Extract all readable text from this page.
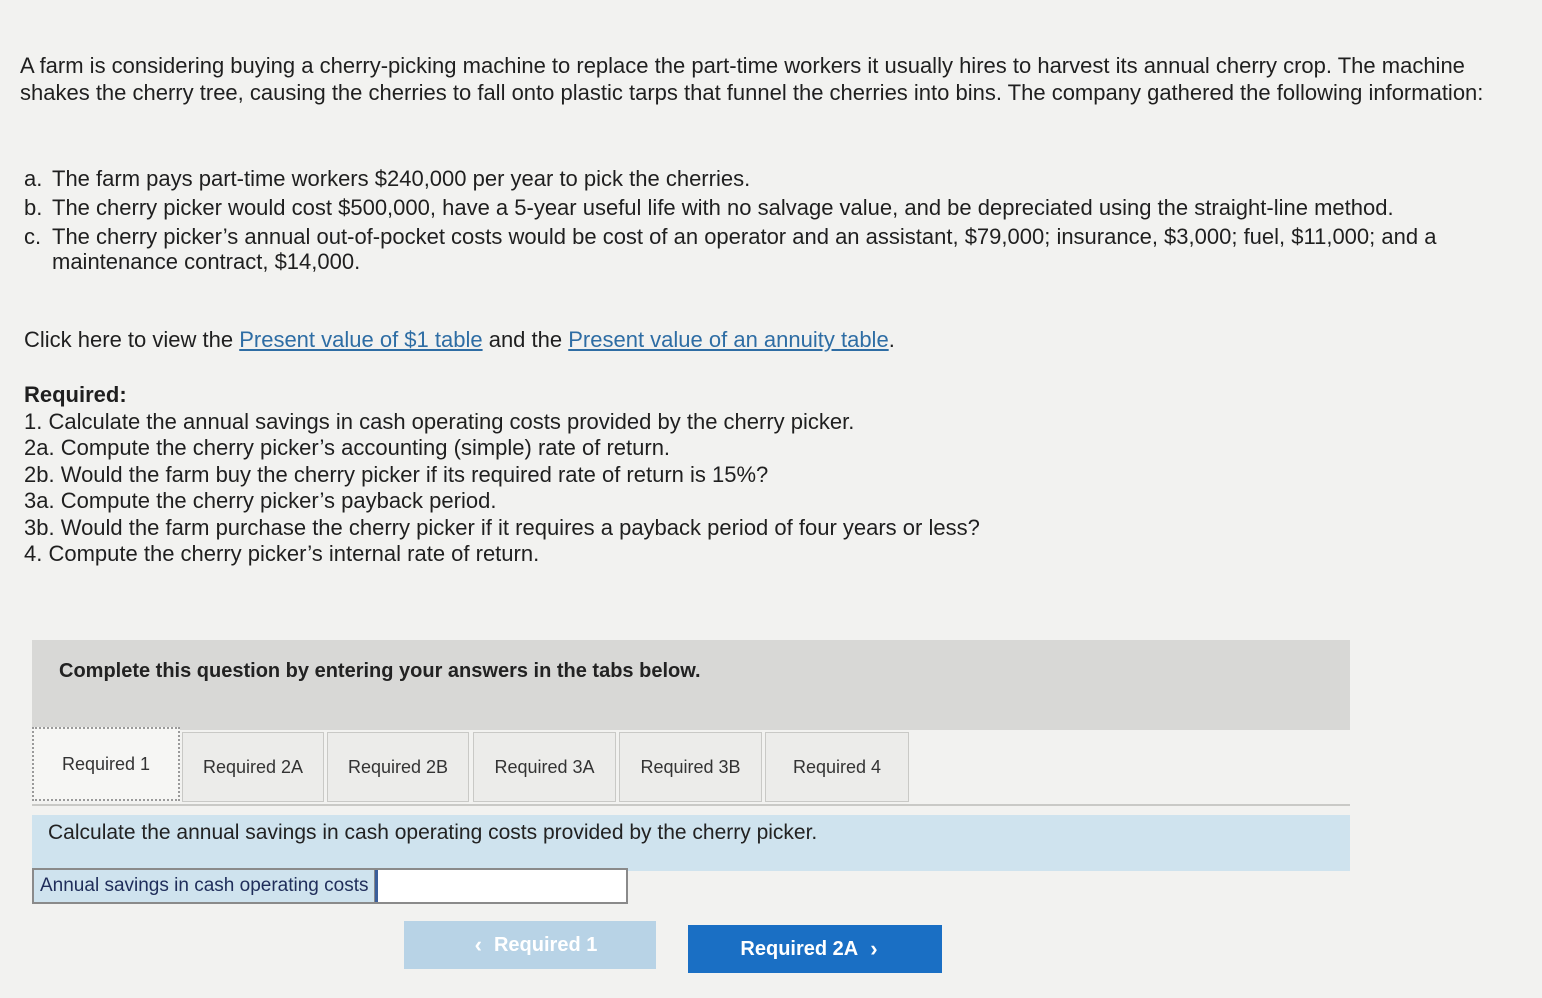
A farm is considering buying a cherry-picking machine to replace the part-time workers it usually hires to harvest its annual cherry crop. The machine shakes the cherry tree, causing the cherries to fall onto plastic tarps that funnel the cherries into bins. The company gathered the following information:
a. The farm pays part-time workers $240,000 per year to pick the cherries.
b. The cherry picker would cost $500,000, have a 5-year useful life with no salvage value, and be depreciated using the straight-line method.
c. The cherry picker’s annual out-of-pocket costs would be cost of an operator and an assistant, $79,000; insurance, $3,000; fuel, $11,000; and a maintenance contract, $14,000.
Click here to view the Present value of $1 table and the Present value of an annuity table.
Required:
1. Calculate the annual savings in cash operating costs provided by the cherry picker.
2a. Compute the cherry picker’s accounting (simple) rate of return.
2b. Would the farm buy the cherry picker if its required rate of return is 15%?
3a. Compute the cherry picker’s payback period.
3b. Would the farm purchase the cherry picker if it requires a payback period of four years or less?
4. Compute the cherry picker’s internal rate of return.
Complete this question by entering your answers in the tabs below.
Required 1	Required 2A	Required 2B	Required 3A	Required 3B	Required 4
Calculate the annual savings in cash operating costs provided by the cherry picker.
Annual savings in cash operating costs
‹ Required 1	Required 2A ›
